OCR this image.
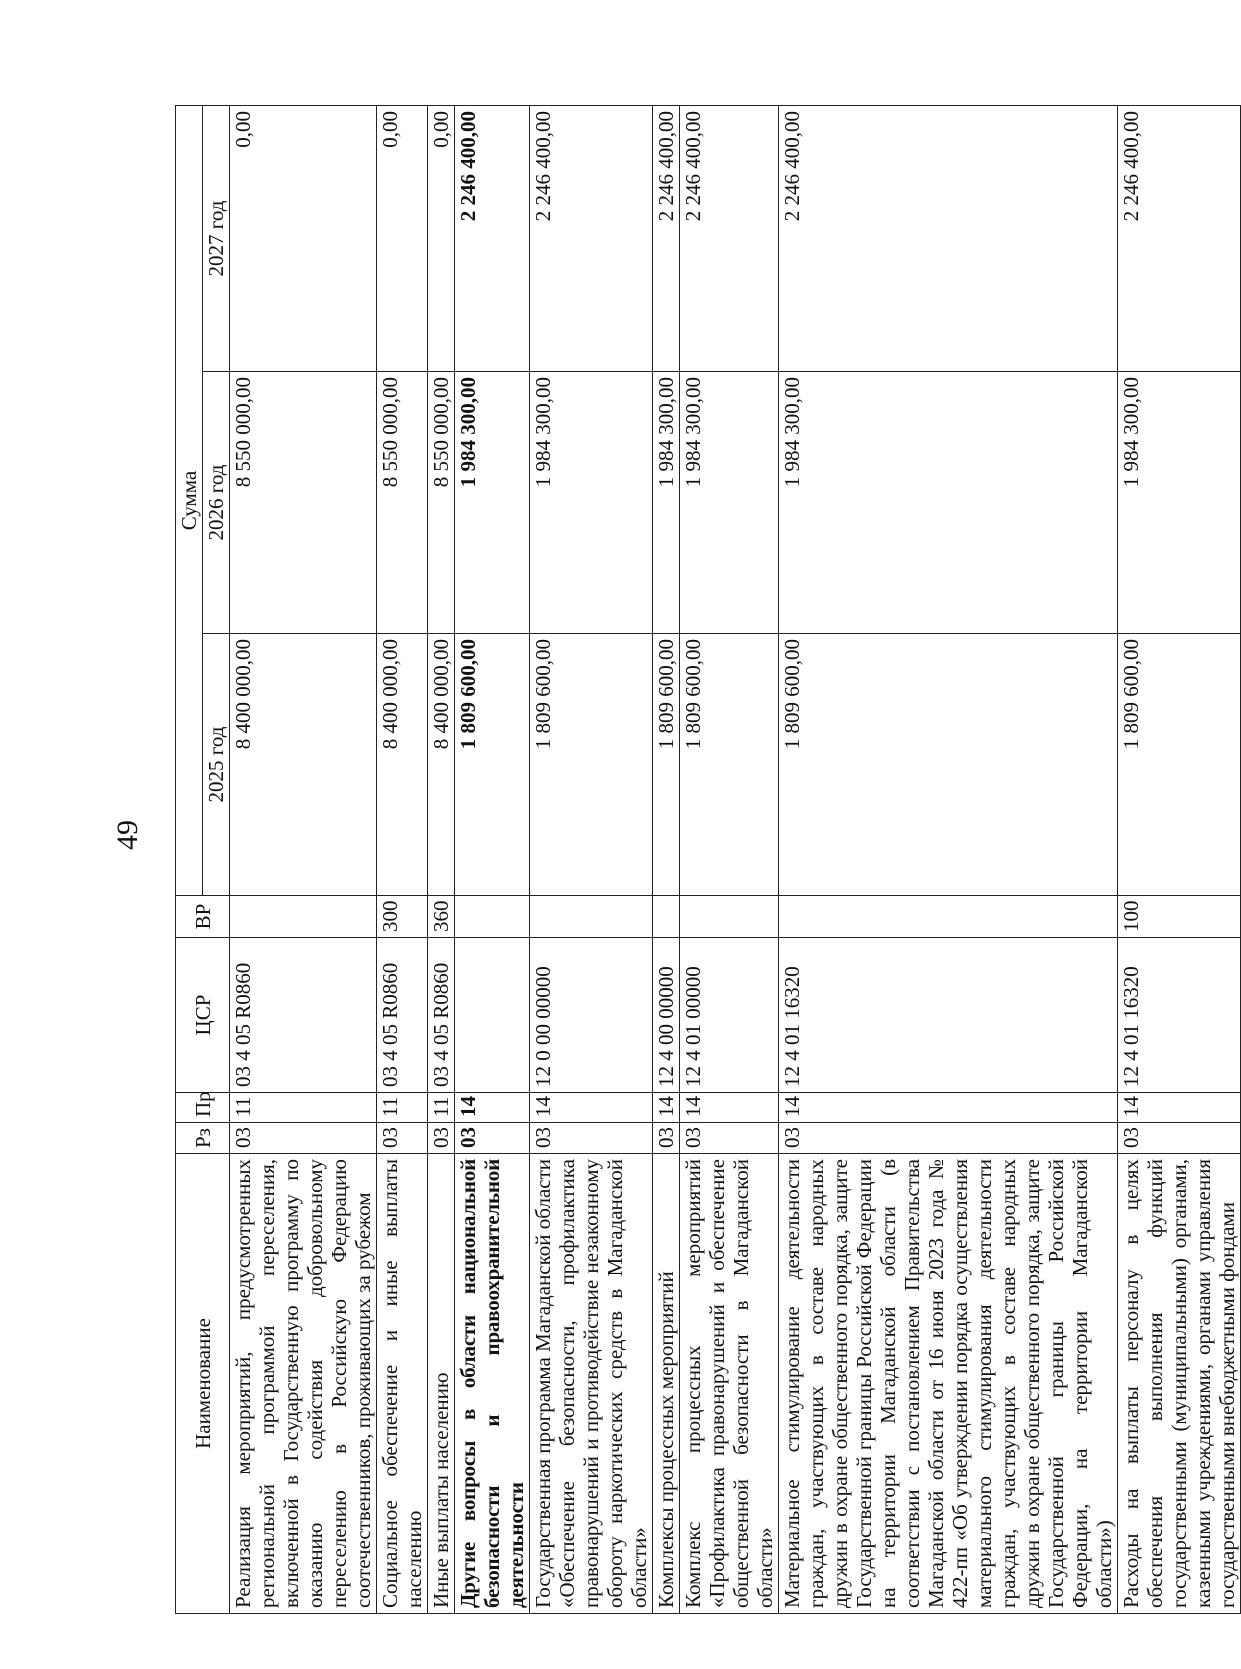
49
Наименование	Рз	Пр	ЦСР	ВР	Сумма		
					2025 год	2026 год	2027 год
Реализация мероприятий, предусмотренных региональной программой переселения, включенной в Государственную программу по оказанию содействия добровольному переселению в Российскую Федерацию соотечественников, проживающих за рубежом	03	11	03 4 05 R0860		8 400 000,00	8 550 000,00	0,00
Социальное обеспечение и иные выплаты населению	03	11	03 4 05 R0860	300	8 400 000,00	8 550 000,00	0,00
Иные выплаты населению	03	11	03 4 05 R0860	360	8 400 000,00	8 550 000,00	0,00
Другие вопросы в области национальной безопасности и правоохранительной деятельности	03	14			1 809 600,00	1 984 300,00	2 246 400,00
Государственная программа Магаданской области «Обеспечение безопасности, профилактика правонарушений и противодействие незаконному обороту наркотических средств в Магаданской области»	03	14	12 0 00 00000		1 809 600,00	1 984 300,00	2 246 400,00
Комплексы процессных мероприятий	03	14	12 4 00 00000		1 809 600,00	1 984 300,00	2 246 400,00
Комплекс процессных мероприятий «Профилактика правонарушений и обеспечение общественной безопасности в Магаданской области»	03	14	12 4 01 00000		1 809 600,00	1 984 300,00	2 246 400,00
Материальное стимулирование деятельности граждан, участвующих в составе народных дружин в охране общественного порядка, защите Государственной границы Российской Федерации на территории Магаданской области (в соответствии с постановлением Правительства Магаданской области от 16 июня 2023 года № 422-пп «Об утверждении порядка осуществления материального стимулирования деятельности граждан, участвующих в составе народных дружин в охране общественного порядка, защите Государственной границы Российской Федерации, на территории Магаданской области»)	03	14	12 4 01 16320		1 809 600,00	1 984 300,00	2 246 400,00
Расходы на выплаты персоналу в целях обеспечения выполнения функций государственными (муниципальными) органами, казенными учреждениями, органами управления государственными внебюджетными фондами	03	14	12 4 01 16320	100	1 809 600,00	1 984 300,00	2 246 400,00
